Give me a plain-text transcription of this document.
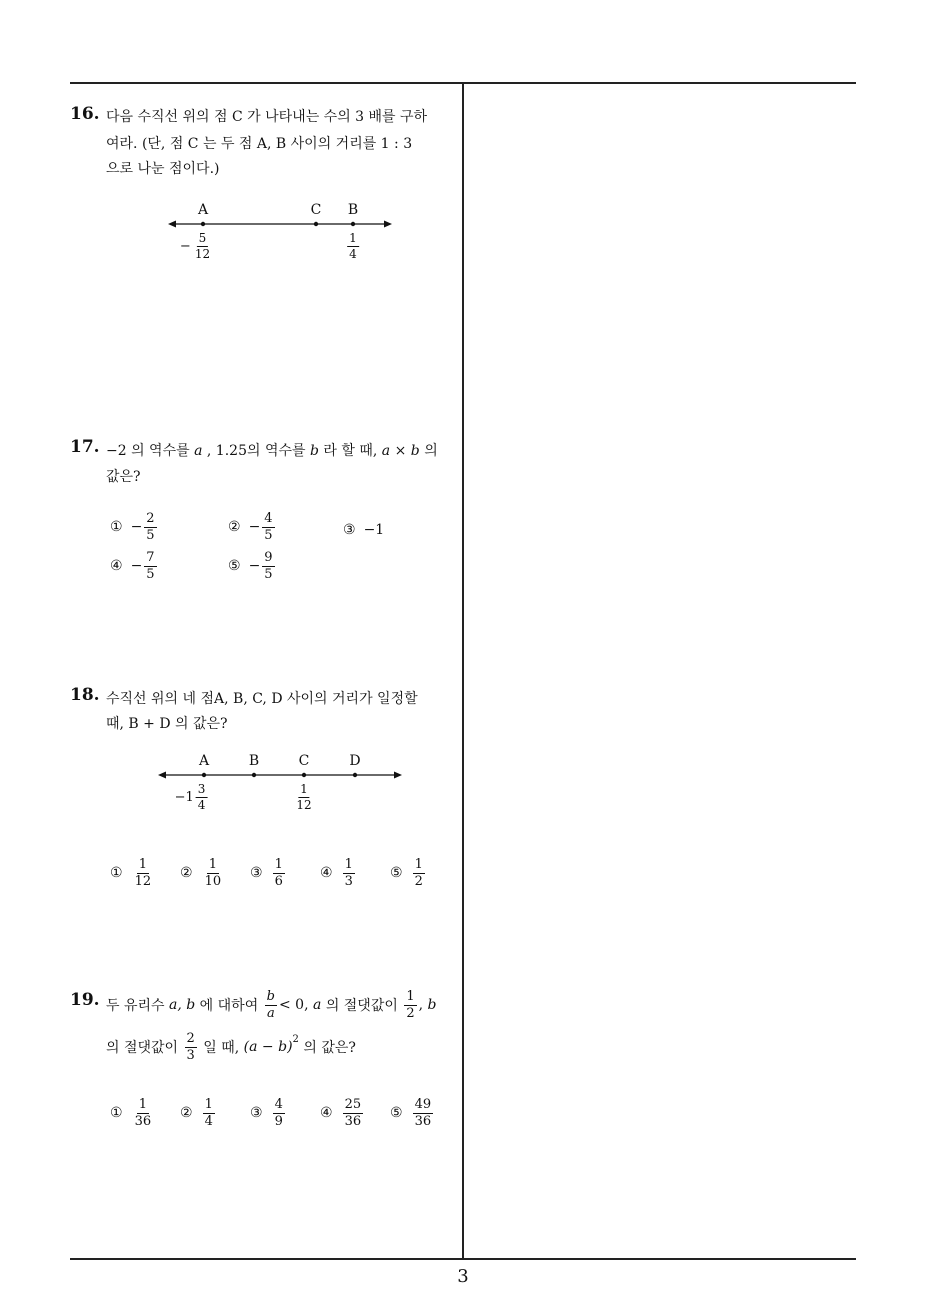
3
16. 다음 수직선 위의 점 C 가 나타내는 수의 3 배를 구하
여라. (단, 점 C 는 두 점 A, B 사이의 거리를 1 : 3
으로 나눈 점이다.)
A	C B
− $\frac{5}{12}$	$\frac{1}{4}$
17. −2 의 역수를 a , 1.25의 역수를 b 라 할 때, a × b 의
값은?
① − $\frac{2}{5}$	② − $\frac{4}{5}$	③ −1
④ − $\frac{7}{5}$	⑤ − $\frac{9}{5}$
18. 수직선 위의 네 점A, B, C, D 사이의 거리가 일정할
때, B + D 의 값은?
A	B	C	D
$-1 \frac{3}{4}$	$\frac{1}{12}$
① $\frac{1}{12}$ ② $\frac{1}{10}$ ③ $\frac{1}{6}$	④ $\frac{1}{3}$	⑤ $\frac{1}{2}$
19. 두 유리수
a, b
에 대하여
$\frac{b}{a} < 0$,
a
의 절댓값이
$\frac{1}{2}$ ,
b
의 절댓값이
$\frac{2}{3}$
일 때,
$(a - b)^2$

의 값은?
① $\frac{1}{36}$ ② $\frac{1}{4}$	③ $\frac{4}{9}$	④ $\frac{25}{36}$ ⑤ $\frac{49}{36}$
